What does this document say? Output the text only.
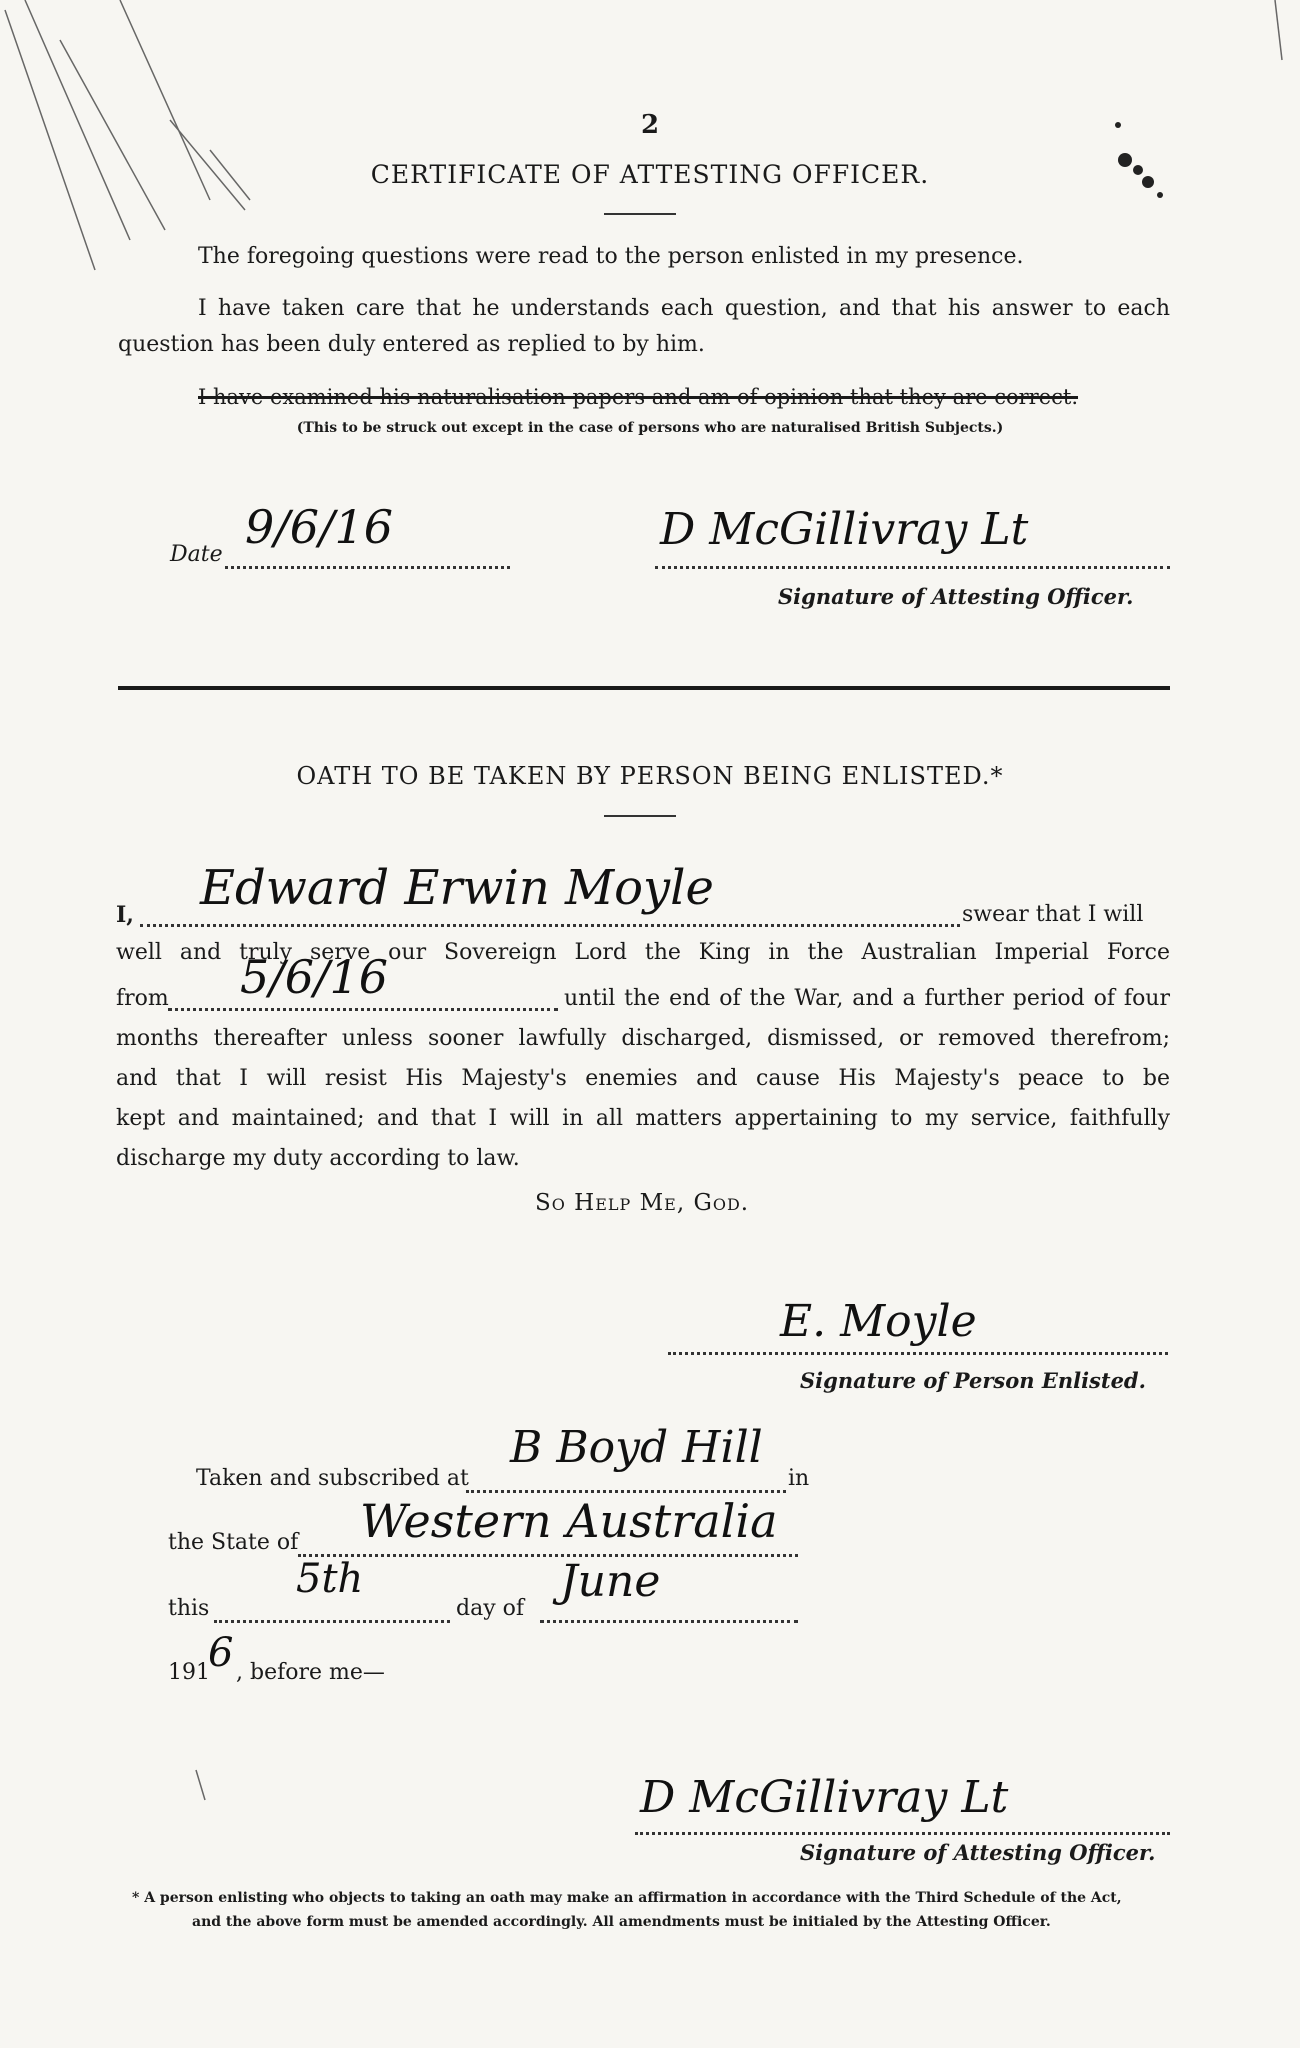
2
CERTIFICATE OF ATTESTING OFFICER.
The foregoing questions were read to the person enlisted in my presence.
I have taken care that he understands each question, and that his answer to each
question has been duly entered as replied to by him.
I have examined his naturalisation papers and am of opinion that they are correct.
(This to be struck out except in the case of persons who are naturalised British Subjects.)
Date
9/6/16	D McGillivray Lt
Signature of Attesting Officer.
OATH TO BE TAKEN BY PERSON BEING ENLISTED.*
I, Edward Erwin Moyle	swear that I will
well and truly serve our Sovereign Lord the King in the Australian Imperial Force
from 5/6/16	until the end of the War, and a further period of four
months thereafter unless sooner lawfully discharged, dismissed, or removed therefrom;
and that I will resist His Majesty's enemies and cause His Majesty's peace to be
kept and maintained; and that I will in all matters appertaining to my service, faithfully
discharge my duty according to law.
So Help Me, God.
E. Moyle
Signature of Person Enlisted.
Taken and subscribed at
B Boyd Hill
in
the State of Western Australia
this
5th
day of
June
191
6 , before me—
D McGillivray Lt
Signature of Attesting Officer.
* A person enlisting who objects to taking an oath may make an affirmation in accordance with the Third Schedule of the Act,
and the above form must be amended accordingly. All amendments must be initialed by the Attesting Officer.
